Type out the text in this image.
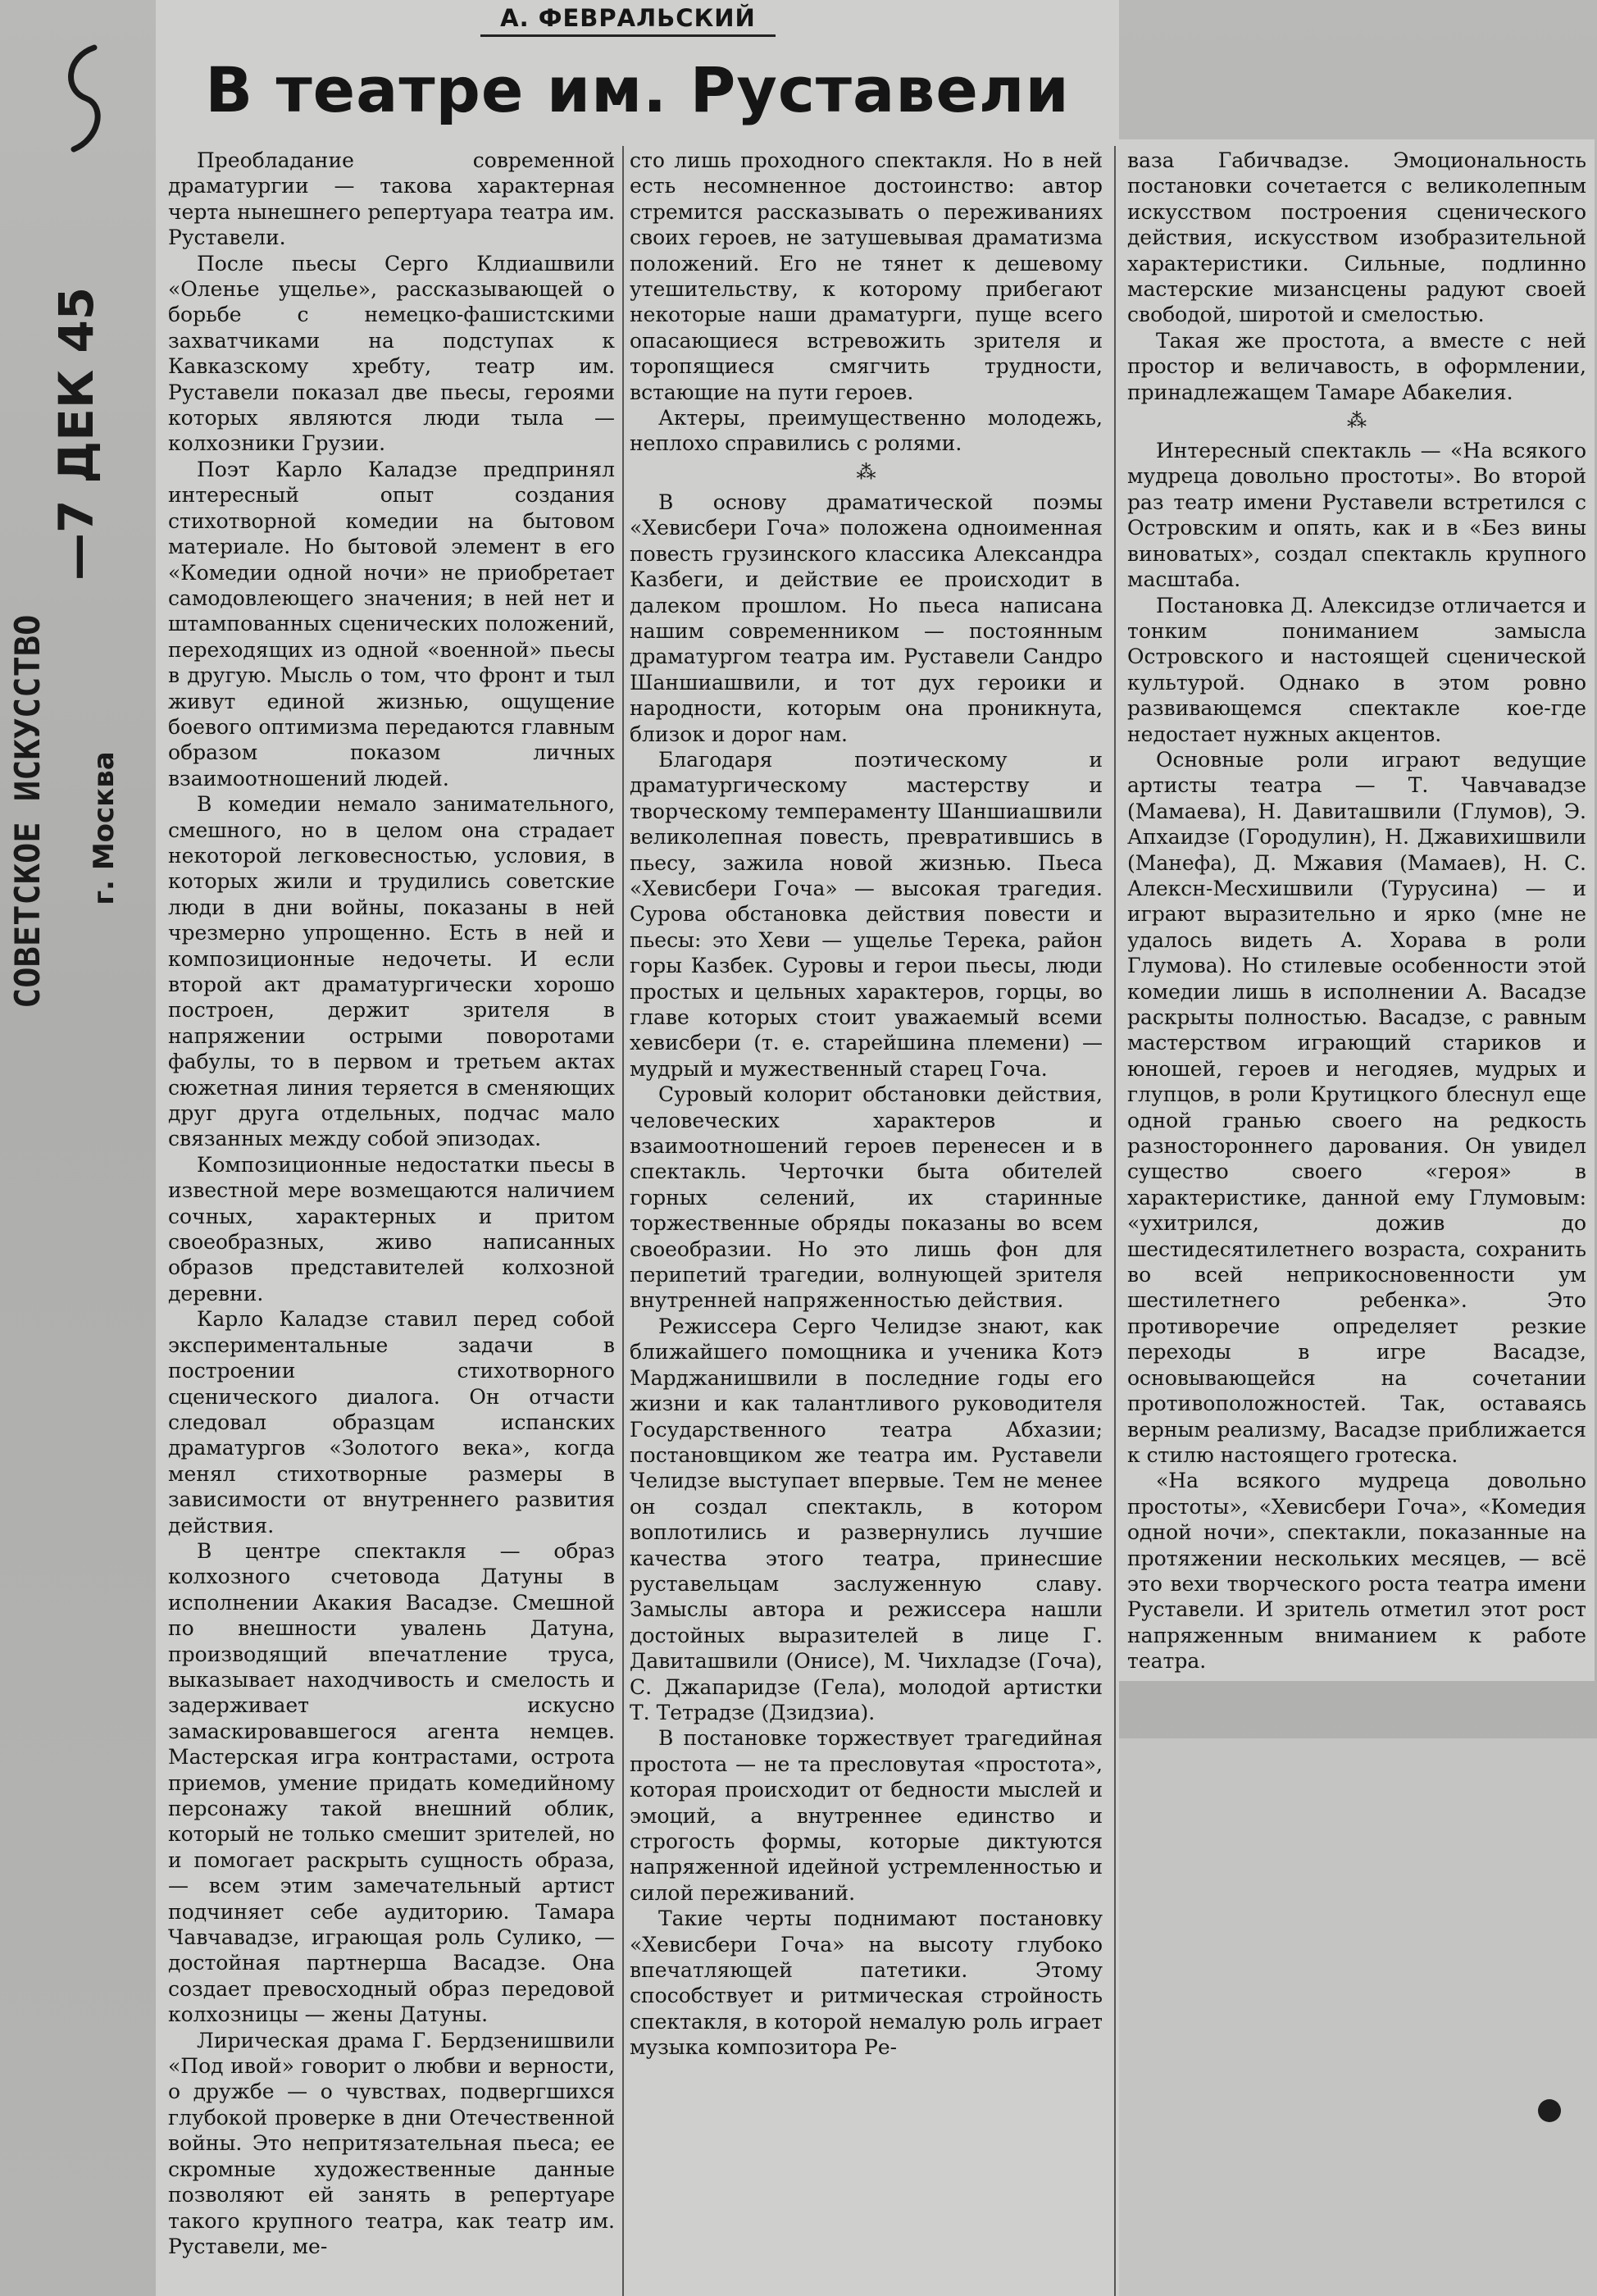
—7 ДЕК 45
СОВЕТСКОЕ ИСКУССТВО г. Москва
А. ФЕВРАЛЬСКИЙ
В театре им. Руставели

Преобладание современной драматургии — такова характерная черта нынешнего репертуара театра им. Руставели.

После пьесы Серго Клдиашвили «Оленье ущелье», рассказывающей о борьбе с немецко-фашистскими захватчиками на подступах к Кавказскому хребту, театр им. Руставели показал две пьесы, героями которых являются люди тыла — колхозники Грузии.

Поэт Карло Каладзе предпринял интересный опыт создания стихотворной комедии на бытовом материале. Но бытовой элемент в его «Комедии одной ночи» не приобретает самодовлеющего значения; в ней нет и штампованных сценических положений, переходящих из одной «военной» пьесы в другую. Мысль о том, что фронт и тыл живут единой жизнью, ощущение боевого оптимизма передаются главным образом показом личных взаимоотношений людей.

В комедии немало занимательного, смешного, но в целом она страдает некоторой легковесностью, условия, в которых жили и трудились советские люди в дни войны, показаны в ней чрезмерно упрощенно. Есть в ней и композиционные недочеты. И если второй акт драматургически хорошо построен, держит зрителя в напряжении острыми поворотами фабулы, то в первом и третьем актах сюжетная линия теряется в сменяющих друг друга отдельных, подчас мало связанных между собой эпизодах.

Композиционные недостатки пьесы в известной мере возмещаются наличием сочных, характерных и притом своеобразных, живо написанных образов представителей колхозной деревни.

Карло Каладзе ставил перед собой экспериментальные задачи в построении стихотворного сценического диалога. Он отчасти следовал образцам испанских драматургов «Золотого века», когда менял стихотворные размеры в зависимости от внутреннего развития действия.

В центре спектакля — образ колхозного счетовода Датуны в исполнении Акакия Васадзе. Смешной по внешности увалень Датуна, производящий впечатление труса, выказывает находчивость и смелость и задерживает искусно замаскировавшегося агента немцев. Мастерская игра контрастами, острота приемов, умение придать комедийному персонажу такой внешний облик, который не только смешит зрителей, но и помогает раскрыть сущность образа, — всем этим замечательный артист подчиняет себе аудиторию. Тамара Чавчавадзе, играющая роль Сулико, — достойная партнерша Васадзе. Она создает превосходный образ передовой колхозницы — жены Датуны.

Лирическая драма Г. Бердзенишвили «Под ивой» говорит о любви и верности, о дружбе — о чувствах, подвергшихся глубокой проверке в дни Отечественной войны. Это непритязательная пьеса; ее скромные художественные данные позволяют ей занять в репертуаре такого крупного театра, как театр им. Руставели, ме-

сто лишь проходного спектакля. Но в ней есть несомненное достоинство: автор стремится рассказывать о переживаниях своих героев, не затушевывая драматизма положений. Его не тянет к дешевому утешительству, к которому прибегают некоторые наши драматурги, пуще всего опасающиеся встревожить зрителя и торопящиеся смягчить трудности, встающие на пути героев.

Актеры, преимущественно молодежь, неплохо справились с ролями.

⁂

В основу драматической поэмы «Хевисбери Гоча» положена одноименная повесть грузинского классика Александра Казбеги, и действие ее происходит в далеком прошлом. Но пьеса написана нашим современником — постоянным драматургом театра им. Руставели Сандро Шаншиашвили, и тот дух героики и народности, которым она проникнута, близок и дорог нам.

Благодаря поэтическому и драматургическому мастерству и творческому темпераменту Шаншиашвили великолепная повесть, превратившись в пьесу, зажила новой жизнью. Пьеса «Хевисбери Гоча» — высокая трагедия. Сурова обстановка действия повести и пьесы: это Хеви — ущелье Терека, район горы Казбек. Суровы и герои пьесы, люди простых и цельных характеров, горцы, во главе которых стоит уважаемый всеми хевисбери (т. е. старейшина племени) — мудрый и мужественный старец Гоча.

Суровый колорит обстановки действия, человеческих характеров и взаимоотношений героев перенесен и в спектакль. Черточки быта обителей горных селений, их старинные торжественные обряды показаны во всем своеобразии. Но это лишь фон для перипетий трагедии, волнующей зрителя внутренней напряженностью действия.

Режиссера Серго Челидзе знают, как ближайшего помощника и ученика Котэ Марджанишвили в последние годы его жизни и как талантливого руководителя Государственного театра Абхазии; постановщиком же театра им. Руставели Челидзе выступает впервые. Тем не менее он создал спектакль, в котором воплотились и развернулись лучшие качества этого театра, принесшие руставельцам заслуженную славу. Замыслы автора и режиссера нашли достойных выразителей в лице Г. Давиташвили (Онисе), М. Чихладзе (Гоча), С. Джапаридзе (Гела), молодой артистки Т. Тетрадзе (Дзидзиа).

В постановке торжествует трагедийная простота — не та пресловутая «простота», которая происходит от бедности мыслей и эмоций, а внутреннее единство и строгость формы, которые диктуются напряженной идейной устремленностью и силой переживаний.

Такие черты поднимают постановку «Хевисбери Гоча» на высоту глубоко впечатляющей патетики. Этому способствует и ритмическая стройность спектакля, в которой немалую роль играет музыка композитора Ре-

ваза Габичвадзе. Эмоциональность постановки сочетается с великолепным искусством построения сценического действия, искусством изобразительной характеристики. Сильные, подлинно мастерские мизансцены радуют своей свободой, широтой и смелостью.

Такая же простота, а вместе с ней простор и величавость, в оформлении, принадлежащем Тамаре Абакелия.

⁂

Интересный спектакль — «На всякого мудреца довольно простоты». Во второй раз театр имени Руставели встретился с Островским и опять, как и в «Без вины виноватых», создал спектакль крупного масштаба.

Постановка Д. Алексидзе отличается и тонким пониманием замысла Островского и настоящей сценической культурой. Однако в этом ровно развивающемся спектакле кое-где недостает нужных акцентов.

Основные роли играют ведущие артисты театра — Т. Чавчавадзе (Мамаева), Н. Давиташвили (Глумов), Э. Апхаидзе (Городулин), Н. Джавихишвили (Манефа), Д. Мжавия (Мамаев), Н. С. Алексн-Месхишвили (Турусина) — и играют выразительно и ярко (мне не удалось видеть А. Хорава в роли Глумова). Но стилевые особенности этой комедии лишь в исполнении А. Васадзе раскрыты полностью. Васадзе, с равным мастерством играющий стариков и юношей, героев и негодяев, мудрых и глупцов, в роли Крутицкого блеснул еще одной гранью своего на редкость разностороннего дарования. Он увидел существо своего «героя» в характеристике, данной ему Глумовым: «ухитрился, дожив до шестидесятилетнего возраста, сохранить во всей неприкосновенности ум шестилетнего ребенка». Это противоречие определяет резкие переходы в игре Васадзе, основывающейся на сочетании противоположностей. Так, оставаясь верным реализму, Васадзе приближается к стилю настоящего гротеска.

«На всякого мудреца довольно простоты», «Хевисбери Гоча», «Комедия одной ночи», спектакли, показанные на протяжении нескольких месяцев, — всё это вехи творческого роста театра имени Руставели. И зритель отметил этот рост напряженным вниманием к работе театра.
